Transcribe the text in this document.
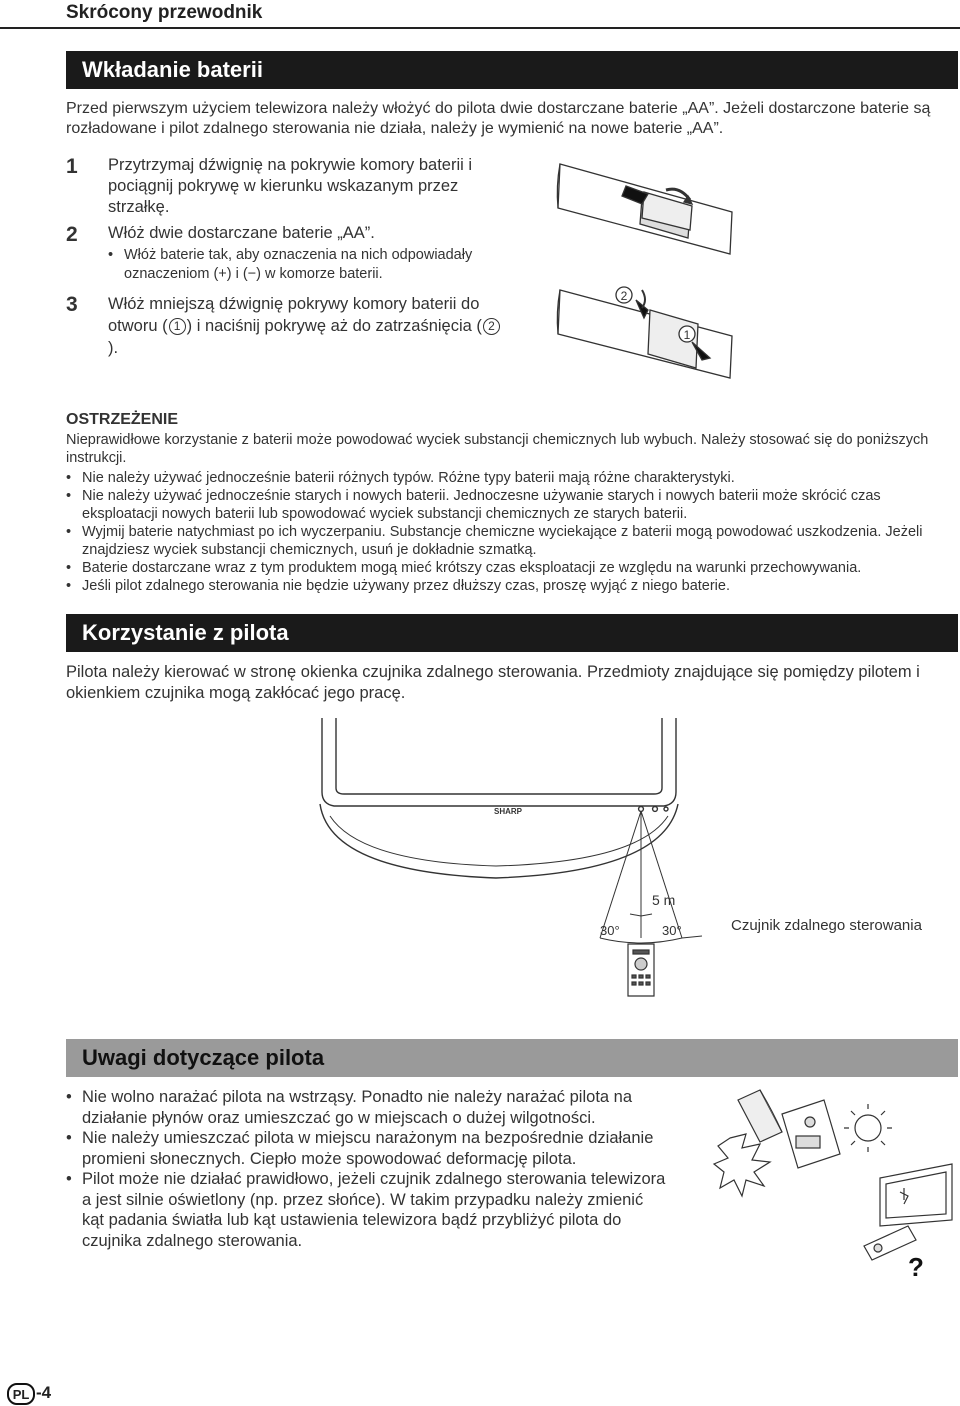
Skrócony przewodnik
Wkładanie baterii
Przed pierwszym użyciem telewizora należy włożyć do pilota dwie dostarczane baterie „AA”. Jeżeli dostarczone baterie są rozładowane i pilot zdalnego sterowania nie działa, należy je wymienić na nowe baterie „AA”.
1 Przytrzymaj dźwignię na pokrywie komory baterii i pociągnij pokrywę w kierunku wskazanym przez strzałkę.
2 Włóż dwie dostarczane baterie „AA”.
• Włóż baterie tak, aby oznaczenia na nich odpowiadały oznaczeniom (+) i (−) w komorze baterii.
3 Włóż mniejszą dźwignię pokrywy komory baterii do otworu ( 1 ) i naciśnij pokrywę aż do zatrzaśnięcia ( 2).
2
1
OSTRZEŻENIE
Nieprawidłowe korzystanie z baterii może powodować wyciek substancji chemicznych lub wybuch. Należy stosować się do poniższych instrukcji.
• Nie należy używać jednocześnie baterii różnych typów. Różne typy baterii mają różne charakterystyki.
• Nie należy używać jednocześnie starych i nowych baterii. Jednoczesne używanie starych i nowych baterii może skrócić czas eksploatacji nowych baterii lub spowodować wyciek substancji chemicznych ze starych baterii.
• Wyjmij baterie natychmiast po ich wyczerpaniu. Substancje chemiczne wyciekające z baterii mogą powodować uszkodzenia. Jeżeli znajdziesz wyciek substancji chemicznych, usuń je dokładnie szmatką.
• Baterie dostarczane wraz z tym produktem mogą mieć krótszy czas eksploatacji ze względu na warunki przechowywania.
• Jeśli pilot zdalnego sterowania nie będzie używany przez dłuższy czas, proszę wyjąć z niego baterie.
Korzystanie z pilota
Pilota należy kierować w stronę okienka czujnika zdalnego sterowania. Przedmioty znajdujące się pomiędzy pilotem i okienkiem czujnika mogą zakłócać jego pracę.
SHARP
5 m
30°	30°	Czujnik zdalnego sterowania
Uwagi dotyczące pilota
• Nie wolno narażać pilota na wstrząsy. Ponadto nie należy narażać pilota na działanie płynów oraz umieszczać go w miejscach o dużej wilgotności.
• Nie należy umieszczać pilota w miejscu narażonym na bezpośrednie działanie promieni słonecznych. Ciepło może spowodować deformację pilota.
• Pilot może nie działać prawidłowo, jeżeli czujnik zdalnego sterowania telewizora a jest silnie oświetlony (np. przez słońce). W takim przypadku należy zmienić kąt padania światła lub kąt ustawienia telewizora bądź przybliżyć pilota do czujnika zdalnego sterowania.
?
PL -4
